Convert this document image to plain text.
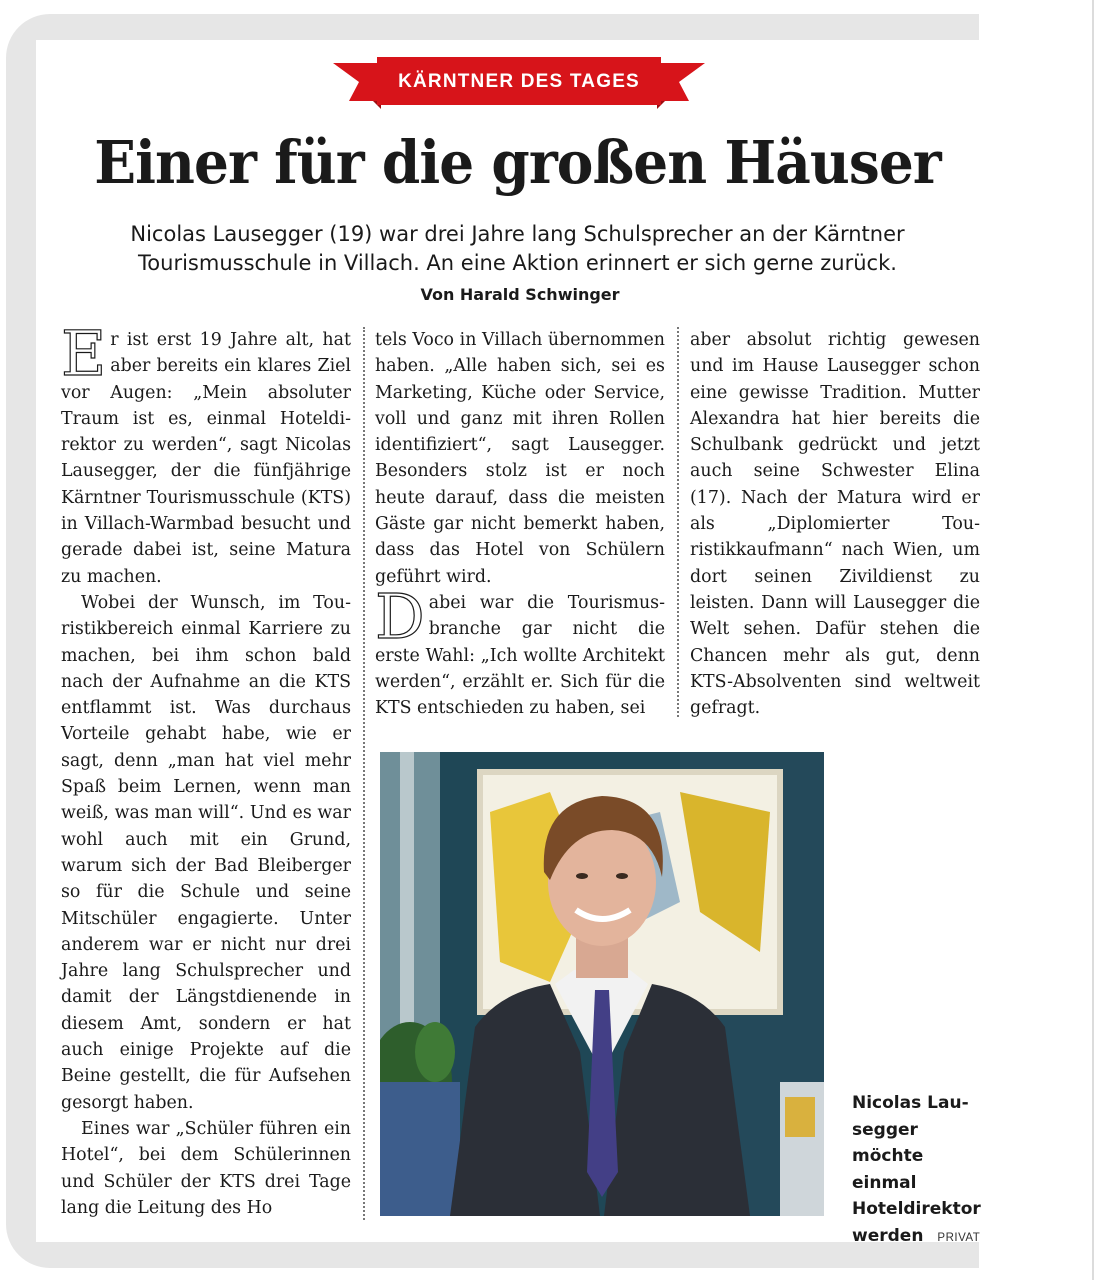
KÄRNTNER DES TAGES
Einer für die großen Häuser
Nicolas Lausegger (19) war drei Jahre lang Schulsprecher an der Kärntner
Tourismusschule in Villach. An eine Aktion erinnert er sich gerne zurück.
Von Harald Schwinger

Er ist erst 19 Jahre alt, hat aber bereits ein klares Ziel vor Augen: „Mein absoluter Traum ist es, einmal Hoteldirektor zu werden“, sagt Nicolas Lausegger, der die fünfjährige Kärntner Tourismusschule (KTS) in Villach-Warmbad besucht und gerade dabei ist, seine Matura zu machen.

Wobei der Wunsch, im Touristikbereich einmal Karriere zu machen, bei ihm schon bald nach der Aufnahme an die KTS entflammt ist. Was durchaus Vorteile gehabt habe, wie er sagt, denn „man hat viel mehr Spaß beim Lernen, wenn man weiß, was man will“. Und es war wohl auch mit ein Grund, warum sich der Bad Bleiberger so für die Schule und seine Mitschüler engagierte. Unter anderem war er nicht nur drei Jahre lang Schulsprecher und damit der Längstdienende in diesem Amt, sondern er hat auch einige Projekte auf die Beine gestellt, die für Aufsehen gesorgt haben.

Eines war „Schüler führen ein Hotel“, bei dem Schülerinnen und Schüler der KTS drei Tage lang die Leitung des Ho

tels Voco in Villach übernommen haben. „Alle haben sich, sei es Marketing, Küche oder Service, voll und ganz mit ihren Rollen identifiziert“, sagt Lausegger. Besonders stolz ist er noch heute darauf, dass die meisten Gäste gar nicht bemerkt haben, dass das Hotel von Schülern geführt wird.

Dabei war die Tourismusbranche gar nicht die erste Wahl: „Ich wollte Architekt werden“, erzählt er. Sich für die KTS entschieden zu haben, sei

aber absolut richtig gewesen und im Hause Lausegger schon eine gewisse Tradition. Mutter Alexandra hat hier bereits die Schulbank gedrückt und jetzt auch seine Schwester Elina (17). Nach der Matura wird er als „Diplomierter Touristikkaufmann“ nach Wien, um dort seinen Zivildienst zu leisten. Dann will Lausegger die Welt sehen. Dafür stehen die Chancen mehr als gut, denn KTS-Absolventen sind weltweit gefragt.

Nicolas Lausegger möchte einmal Hoteldirektor werden PRIVAT
